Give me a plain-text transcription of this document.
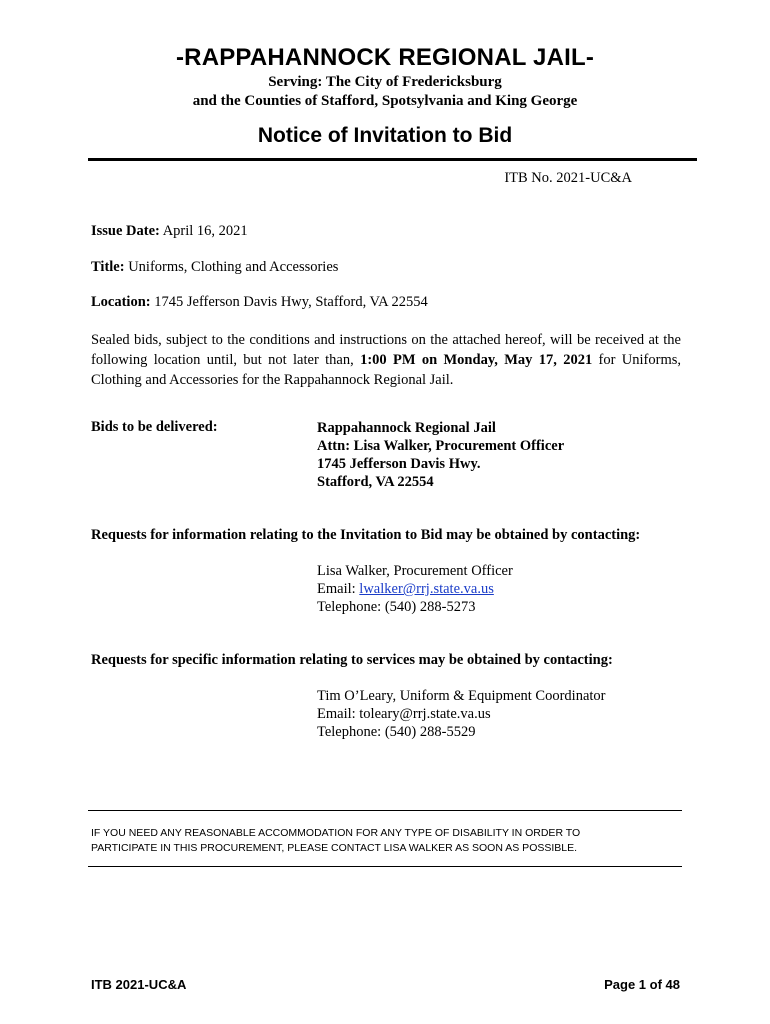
-RAPPAHANNOCK REGIONAL JAIL-
Serving: The City of Fredericksburg
and the Counties of Stafford, Spotsylvania and King George
Notice of Invitation to Bid
ITB No. 2021-UC&A
Issue Date: April 16, 2021
Title: Uniforms, Clothing and Accessories
Location: 1745 Jefferson Davis Hwy, Stafford, VA 22554
Sealed bids, subject to the conditions and instructions on the attached hereof, will be received at the following location until, but not later than, 1:00 PM on Monday, May 17, 2021 for Uniforms, Clothing and Accessories for the Rappahannock Regional Jail.
Bids to be delivered:	Rappahannock Regional Jail
Attn: Lisa Walker, Procurement Officer
1745 Jefferson Davis Hwy.
Stafford, VA 22554
Requests for information relating to the Invitation to Bid may be obtained by contacting:
Lisa Walker, Procurement Officer
Email: lwalker@rrj.state.va.us
Telephone: (540) 288-5273
Requests for specific information relating to services may be obtained by contacting:
Tim O’Leary, Uniform & Equipment Coordinator
Email: toleary@rrj.state.va.us
Telephone: (540) 288-5529
IF YOU NEED ANY REASONABLE ACCOMMODATION FOR ANY TYPE OF DISABILITY IN ORDER TO
PARTICIPATE IN THIS PROCUREMENT, PLEASE CONTACT LISA WALKER AS SOON AS POSSIBLE.
ITB 2021-UC&A	Page 1 of 48
